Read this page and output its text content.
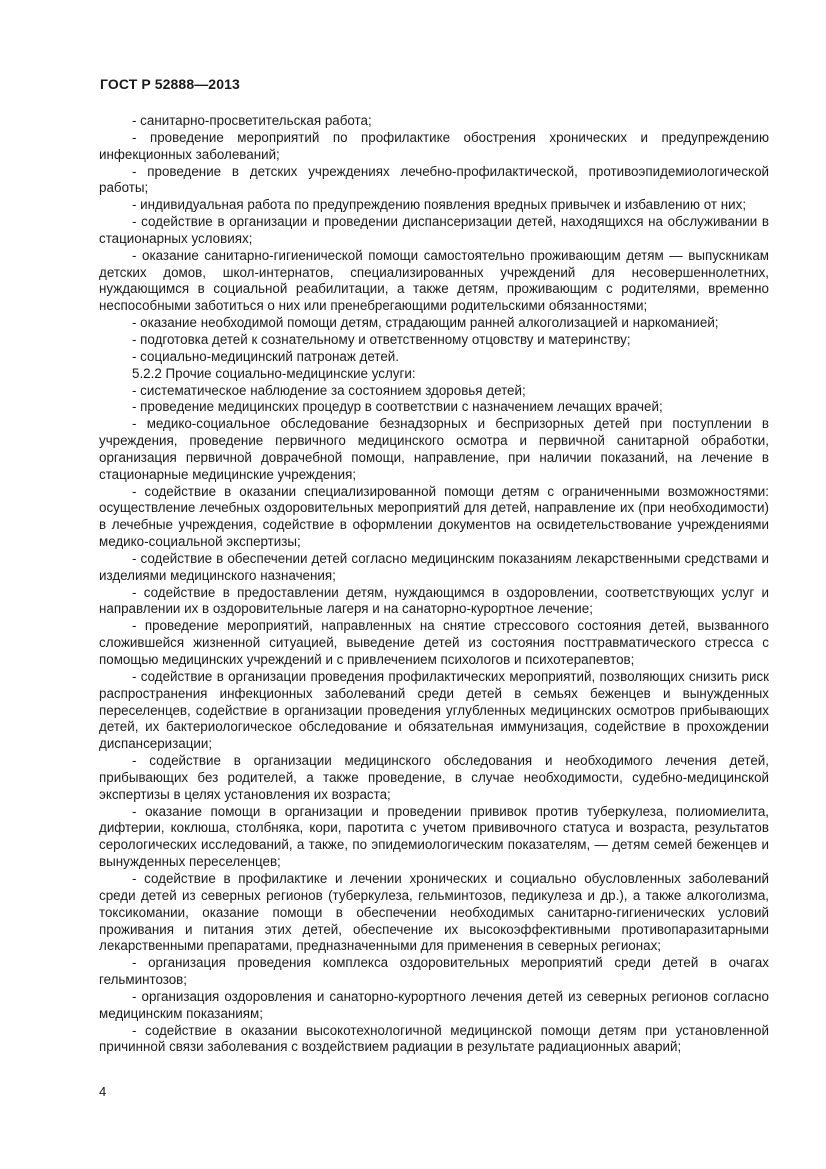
ГОСТ Р 52888—2013

- санитарно-просветительская работа;

- проведение мероприятий по профилактике обострения хронических и предупреждению инфекционных заболеваний;

- проведение в детских учреждениях лечебно-профилактической, противоэпидемиологической работы;

- индивидуальная работа по предупреждению появления вредных привычек и избавлению от них;

- содействие в организации и проведении диспансеризации детей, находящихся на обслуживании в стационарных условиях;

- оказание санитарно-гигиенической помощи самостоятельно проживающим детям — выпускникам детских домов, школ-интернатов, специализированных учреждений для несовершеннолетних, нуждающимся в социальной реабилитации, а также детям, проживающим с родителями, временно неспособными заботиться о них или пренебрегающими родительскими обязанностями;

- оказание необходимой помощи детям, страдающим ранней алкоголизацией и наркоманией;

- подготовка детей к сознательному и ответственному отцовству и материнству;

- социально-медицинский патронаж детей.

5.2.2 Прочие социально-медицинские услуги:

- систематическое наблюдение за состоянием здоровья детей;

- проведение медицинских процедур в соответствии с назначением лечащих врачей;

- медико-социальное обследование безнадзорных и беспризорных детей при поступлении в учреждения, проведение первичного медицинского осмотра и первичной санитарной обработки, организация первичной доврачебной помощи, направление, при наличии показаний, на лечение в стационарные медицинские учреждения;

- содействие в оказании специализированной помощи детям с ограниченными возможностями: осуществление лечебных оздоровительных мероприятий для детей, направление их (при необходимости) в лечебные учреждения, содействие в оформлении документов на освидетельствование учреждениями медико-социальной экспертизы;

- содействие в обеспечении детей согласно медицинским показаниям лекарственными средствами и изделиями медицинского назначения;

- содействие в предоставлении детям, нуждающимся в оздоровлении, соответствующих услуг и направлении их в оздоровительные лагеря и на санаторно-курортное лечение;

- проведение мероприятий, направленных на снятие стрессового состояния детей, вызванного сложившейся жизненной ситуацией, выведение детей из состояния посттравматического стресса с помощью медицинских учреждений и с привлечением психологов и психотерапевтов;

- содействие в организации проведения профилактических мероприятий, позволяющих снизить риск распространения инфекционных заболеваний среди детей в семьях беженцев и вынужденных переселенцев, содействие в организации проведения углубленных медицинских осмотров прибывающих детей, их бактериологическое обследование и обязательная иммунизация, содействие в прохождении диспансеризации;

- содействие в организации медицинского обследования и необходимого лечения детей, прибывающих без родителей, а также проведение, в случае необходимости, судебно-медицинской экспертизы в целях установления их возраста;

- оказание помощи в организации и проведении прививок против туберкулеза, полиомиелита, дифтерии, коклюша, столбняка, кори, паротита с учетом прививочного статуса и возраста, результатов серологических исследований, а также, по эпидемиологическим показателям, — детям семей беженцев и вынужденных переселенцев;

- содействие в профилактике и лечении хронических и социально обусловленных заболеваний среди детей из северных регионов (туберкулеза, гельминтозов, педикулеза и др.), а также алкоголизма, токсикомании, оказание помощи в обеспечении необходимых санитарно-гигиенических условий проживания и питания этих детей, обеспечение их высокоэффективными противопаразитарными лекарственными препаратами, предназначенными для применения в северных регионах;

- организация проведения комплекса оздоровительных мероприятий среди детей в очагах гельминтозов;

- организация оздоровления и санаторно-курортного лечения детей из северных регионов согласно медицинским показаниям;

- содействие в оказании высокотехнологичной медицинской помощи детям при установленной причинной связи заболевания с воздействием радиации в результате радиационных аварий;

4
